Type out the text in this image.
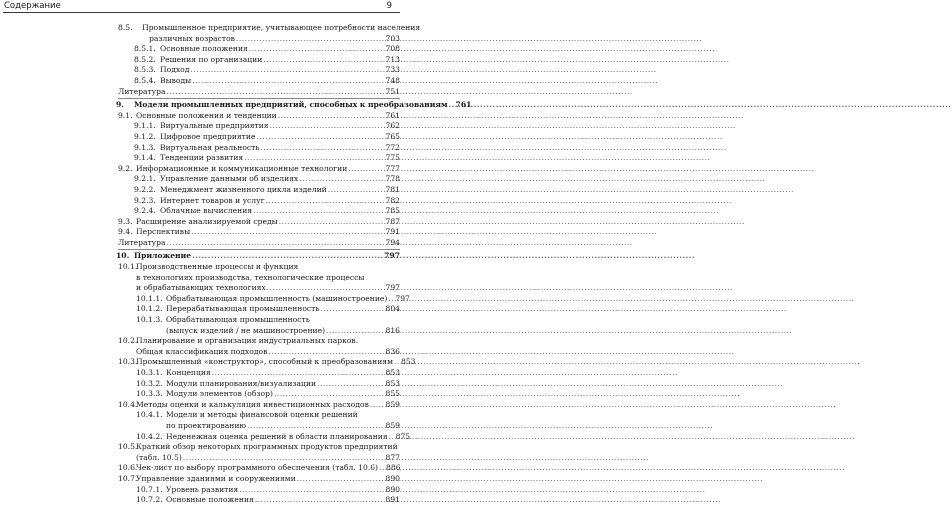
Содержание	9
8.5. Промышленное предприятие, учитывающее потребности населения
различных возрастов .....	703
8.5.1. Основные положения .....	708
8.5.2. Решения по организации .....	713
8.5.3. Подход .....	733
8.5.4. Выводы .....	748
Литература .....	751
9.	Модели промышленных предприятий, способных к преобразованиям ..... 761
9.1. Основные положения и тенденции .....	761
9.1.1. Виртуальные предприятия .....	762
9.1.2. Цифровое предприятие .....	765
9.1.3. Виртуальная реальность .....	772
9.1.4. Тенденции развития .....	775
9.2. Информационные и коммуникационные технологии .....	777
9.2.1. Управление данными об изделиях .....	778
9.2.2. Менеджмент жизненного цикла изделий .....	781
9.2.3. Интернет товаров и услуг .....	782
9.2.4. Облачные вычисления .....	785
9.3. Расширение анализируемой среды .....	787
9.4. Перспективы .....	791
Литература .....	794
10. Приложение .....	797
10.1.Производственные процессы и функция
в технологиях производства, технологические процессы
и обрабатывающих технологиях .....	797
10.1.1. Обрабатывающая промышленность (машиностроение) ..... 797
10.1.2. Перерабатывающая промышленность .....	804
10.1.3. Обрабатывающая промышленность
(выпуск изделий / не машиностроение) .....	816
10.2.Планирование и организация индустриальных парков.
Общая классификация подходов .....	836
10.3.
Промышленный «конструктор», способный к преобразованиям ..... 853
10.3.1. Концепция .....	853
10.3.2. Модули планирования/визуализации .....	853
10.3.3. Модули элементов (обзор) .....	855
10.4.
Методы оценки и калькуляция инвестиционных расходов ..... 859
10.4.1. Модели и методы финансовой оценки решений
по проектированию .....	859
10.4.2. Неденежная оценка решений в области планирования ..... 875
10.5.Краткий обзор некоторых программных продуктов предприятий
(табл. 10.5) .....	877
10.6.
Чек-лист по выбору программного обеспечения (табл. 10.6) ..... 886
10.7.
Управление зданиями и сооружениями .....	890
10.7.1. Уровень развития .....	890
10.7.2. Основные положения .....	891
